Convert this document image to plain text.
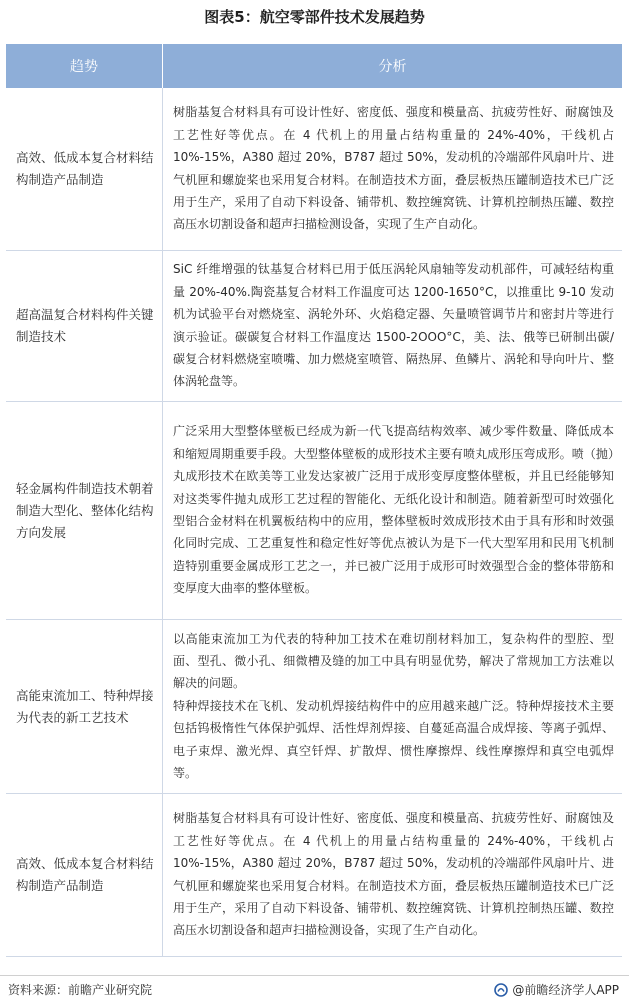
图表5：航空零部件技术发展趋势
趋势	分析
高效、低成本复合材料结构制造产品制造	树脂基复合材料具有可设计性好、密度低、强度和模量高、抗疲劳性好、耐腐蚀及工艺性好等优点。在 4 代机上的用量占结构重量的 24%-40%，干线机占 10%-15%，A380 超过 20%，B787 超过 50%，发动机的冷端部件风扇叶片、进气机匣和螺旋桨也采用复合材料。在制造技术方面，叠层板热压罐制造技术已广泛用于生产，采用了自动下料设备、铺带机、数控缠窝铣、计算机控制热压罐、数控高压水切割设备和超声扫描检测设备，实现了生产自动化。

超高温复合材料构件关键制造技术	SiC 纤维增强的钛基复合材料已用于低压涡轮风扇轴等发动机部件，可减轻结构重量 20%-40%.陶瓷基复合材料工作温度可达 1200-1650°C，以推重比 9-10 发动机为试验平台对燃烧室、涡轮外环、火焰稳定器、矢量喷管调节片和密封片等进行演示验证。碳碳复合材料工作温度达 1500-2OOO°C，美、法、俄等已研制出碳/碳复合材料燃烧室喷嘴、加力燃烧室喷管、隔热屏、鱼鳞片、涡轮和导向叶片、整体涡轮盘等。

轻金属构件制造技术朝着制造大型化、整体化结构方向发展	广泛采用大型整体壁板已经成为新一代飞提高结构效率、减少零件数量、降低成本和缩短周期重要手段。大型整体壁板的成形技术主要有喷丸成形压弯成形。喷（抛）丸成形技术在欧美等工业发达家被广泛用于成形变厚度整体壁板，并且已经能够知对这类零件抛丸成形工艺过程的智能化、无纸化设计和制造。随着新型可时效强化型铝合金材料在机翼板结构中的应用，整体壁板时效成形技术由于具有形和时效强化同时完成、工艺重复性和稳定性好等优点被认为是下一代大型军用和民用飞机制造特别重要金属成形工艺之一，并已被广泛用于成形可时效强型合金的整体带筋和变厚度大曲率的整体壁板。

高能束流加工、特种焊接为代表的新工艺技术	以高能束流加工为代表的特种加工技术在难切削材料加工，复杂构件的型腔、型面、型孔、微小孔、细微槽及缝的加工中具有明显优势，解决了常规加工方法难以解决的问题。
特种焊接技术在飞机、发动机焊接结构件中的应用越来越广泛。特种焊接技术主要包括钨极惰性气体保护弧焊、活性焊剂焊接、自蔓延高温合成焊接、等离子弧焊、电子束焊、激光焊、真空钎焊、扩散焊、惯性摩擦焊、线性摩擦焊和真空电弧焊等。

高效、低成本复合材料结构制造产品制造	树脂基复合材料具有可设计性好、密度低、强度和模量高、抗疲劳性好、耐腐蚀及工艺性好等优点。在 4 代机上的用量占结构重量的 24%-40%，干线机占 10%-15%，A380 超过 20%，B787 超过 50%，发动机的冷端部件风扇叶片、进气机匣和螺旋桨也采用复合材料。在制造技术方面，叠层板热压罐制造技术已广泛用于生产，采用了自动下料设备、铺带机、数控缠窝铣、计算机控制热压罐、数控高压水切割设备和超声扫描检测设备，实现了生产自动化。
资料来源：前瞻产业研究院	@前瞻经济学人APP
